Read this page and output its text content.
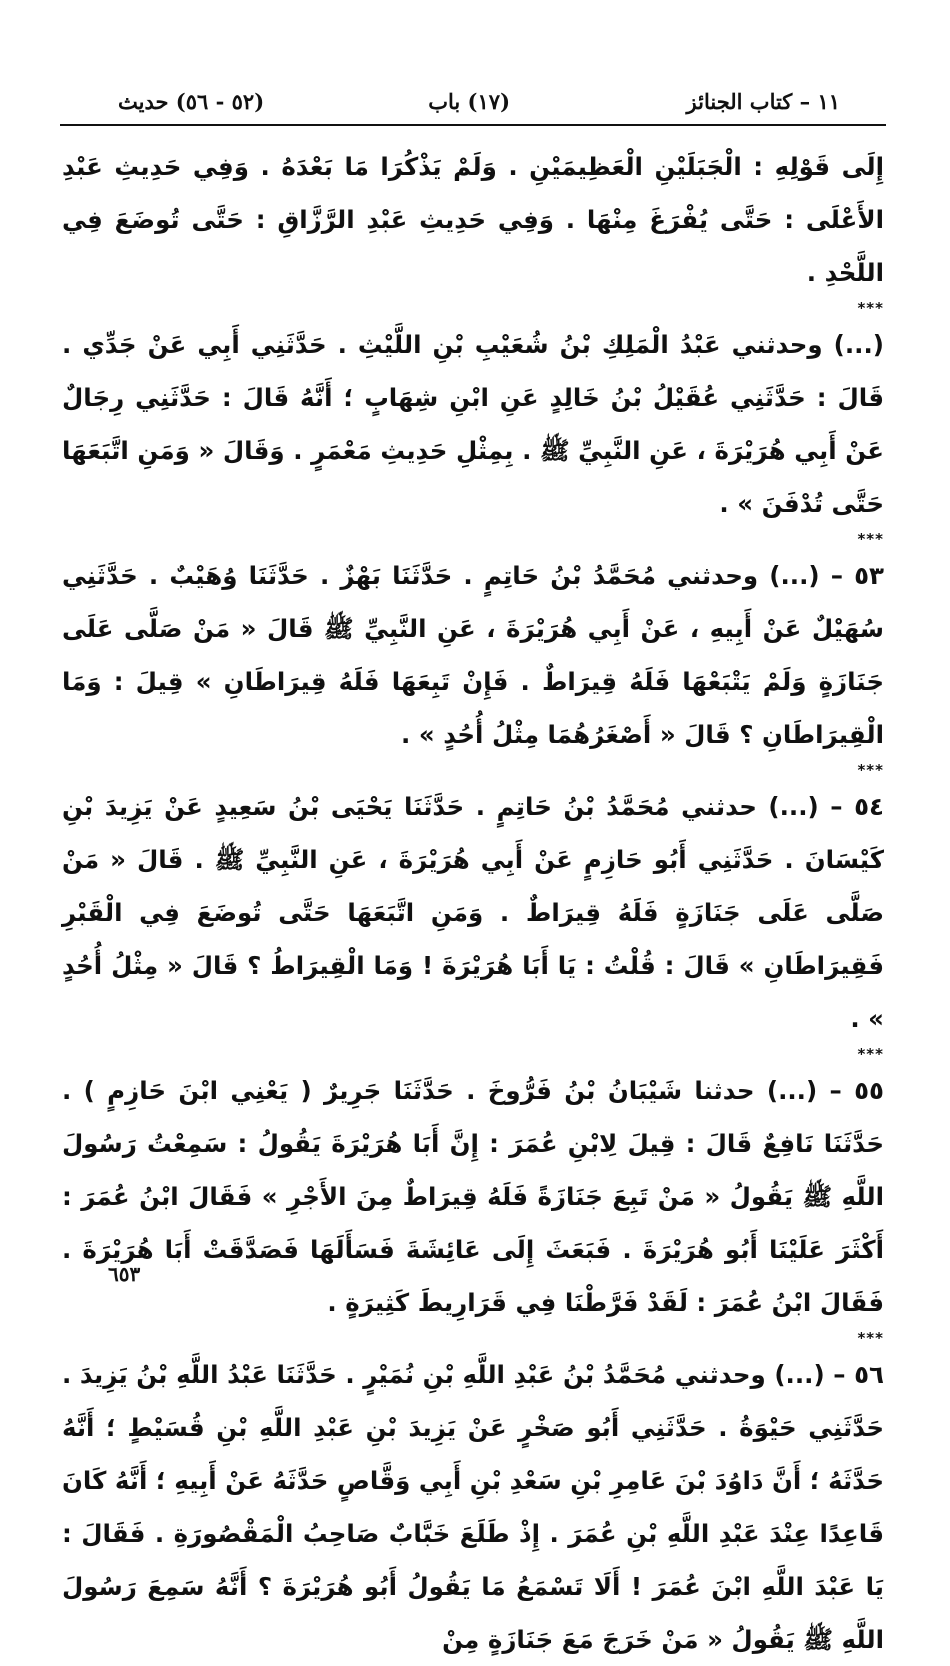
١١ – كتاب الجنائز
(١٧) باب
(٥٢ - ٥٦) حديث

إِلَى قَوْلِهِ : الْجَبَلَيْنِ الْعَظِيمَيْنِ . وَلَمْ يَذْكُرَا مَا بَعْدَهُ . وَفِي حَدِيثِ عَبْدِ الأَعْلَى : حَتَّى يُفْرَغَ مِنْهَا . وَفِي حَدِيثِ عَبْدِ الرَّزَّاقِ : حَتَّى تُوضَعَ فِي اللَّحْدِ .

***

(...) وحدثني عَبْدُ الْمَلِكِ بْنُ شُعَيْبِ بْنِ اللَّيْثِ . حَدَّثَنِي أَبِي عَنْ جَدِّي . قَالَ : حَدَّثَنِي عُقَيْلُ بْنُ خَالِدٍ عَنِ ابْنِ شِهَابٍ ؛ أَنَّهُ قَالَ : حَدَّثَنِي رِجَالٌ عَنْ أَبِي هُرَيْرَةَ ، عَنِ النَّبِيِّ ﷺ . بِمِثْلِ حَدِيثِ مَعْمَرٍ . وَقَالَ « وَمَنِ اتَّبَعَهَا حَتَّى تُدْفَنَ » .

***

٥٣ – (...) وحدثني مُحَمَّدُ بْنُ حَاتِمٍ . حَدَّثَنَا بَهْزٌ . حَدَّثَنَا وُهَيْبٌ . حَدَّثَنِي سُهَيْلٌ عَنْ أَبِيهِ ، عَنْ أَبِي هُرَيْرَةَ ، عَنِ النَّبِيِّ ﷺ قَالَ « مَنْ صَلَّى عَلَى جَنَازَةٍ وَلَمْ يَتْبَعْهَا فَلَهُ قِيرَاطٌ . فَإِنْ تَبِعَهَا فَلَهُ قِيرَاطَانِ » قِيلَ : وَمَا الْقِيرَاطَانِ ؟ قَالَ « أَصْغَرُهُمَا مِثْلُ أُحُدٍ » .

***

٥٤ – (...) حدثني مُحَمَّدُ بْنُ حَاتِمٍ . حَدَّثَنَا يَحْيَى بْنُ سَعِيدٍ عَنْ يَزِيدَ بْنِ كَيْسَانَ . حَدَّثَنِي أَبُو حَازِمٍ عَنْ أَبِي هُرَيْرَةَ ، عَنِ النَّبِيِّ ﷺ . قَالَ « مَنْ صَلَّى عَلَى جَنَازَةٍ فَلَهُ قِيرَاطٌ . وَمَنِ اتَّبَعَهَا حَتَّى تُوضَعَ فِي الْقَبْرِ فَقِيرَاطَانِ » قَالَ : قُلْتُ : يَا أَبَا هُرَيْرَةَ ! وَمَا الْقِيرَاطُ ؟ قَالَ « مِثْلُ أُحُدٍ » .

***

٥٥ – (...) حدثنا شَيْبَانُ بْنُ فَرُّوخَ . حَدَّثَنَا جَرِيرٌ ( يَعْنِي ابْنَ حَازِمٍ ) . حَدَّثَنَا نَافِعٌ قَالَ : قِيلَ لِابْنِ عُمَرَ : إِنَّ أَبَا هُرَيْرَةَ يَقُولُ : سَمِعْتُ رَسُولَ اللَّهِ ﷺ يَقُولُ « مَنْ تَبِعَ جَنَازَةً فَلَهُ قِيرَاطٌ مِنَ الأَجْرِ » فَقَالَ ابْنُ عُمَرَ : أَكْثَرَ عَلَيْنَا أَبُو هُرَيْرَةَ . فَبَعَثَ إِلَى عَائِشَةَ فَسَأَلَهَا فَصَدَّقَتْ أَبَا هُرَيْرَةَ . فَقَالَ ابْنُ عُمَرَ : لَقَدْ فَرَّطْنَا فِي قَرَارِيطَ كَثِيرَةٍ .

***

٥٦ – (...) وحدثني مُحَمَّدُ بْنُ عَبْدِ اللَّهِ بْنِ نُمَيْرٍ . حَدَّثَنَا عَبْدُ اللَّهِ بْنُ يَزِيدَ . حَدَّثَنِي حَيْوَةُ . حَدَّثَنِي أَبُو صَخْرٍ عَنْ يَزِيدَ بْنِ عَبْدِ اللَّهِ بْنِ قُسَيْطٍ ؛ أَنَّهُ حَدَّثَهُ ؛ أَنَّ دَاوُدَ بْنَ عَامِرِ بْنِ سَعْدِ بْنِ أَبِي وَقَّاصٍ حَدَّثَهُ عَنْ أَبِيهِ ؛ أَنَّهُ كَانَ قَاعِدًا عِنْدَ عَبْدِ اللَّهِ بْنِ عُمَرَ . إِذْ طَلَعَ خَبَّابٌ صَاحِبُ الْمَقْصُورَةِ . فَقَالَ : يَا عَبْدَ اللَّهِ ابْنَ عُمَرَ ! أَلَا تَسْمَعُ مَا يَقُولُ أَبُو هُرَيْرَةَ ؟ أَنَّهُ سَمِعَ رَسُولَ اللَّهِ ﷺ يَقُولُ « مَنْ خَرَجَ مَعَ جَنَازَةٍ مِنْ

٦٥٣
